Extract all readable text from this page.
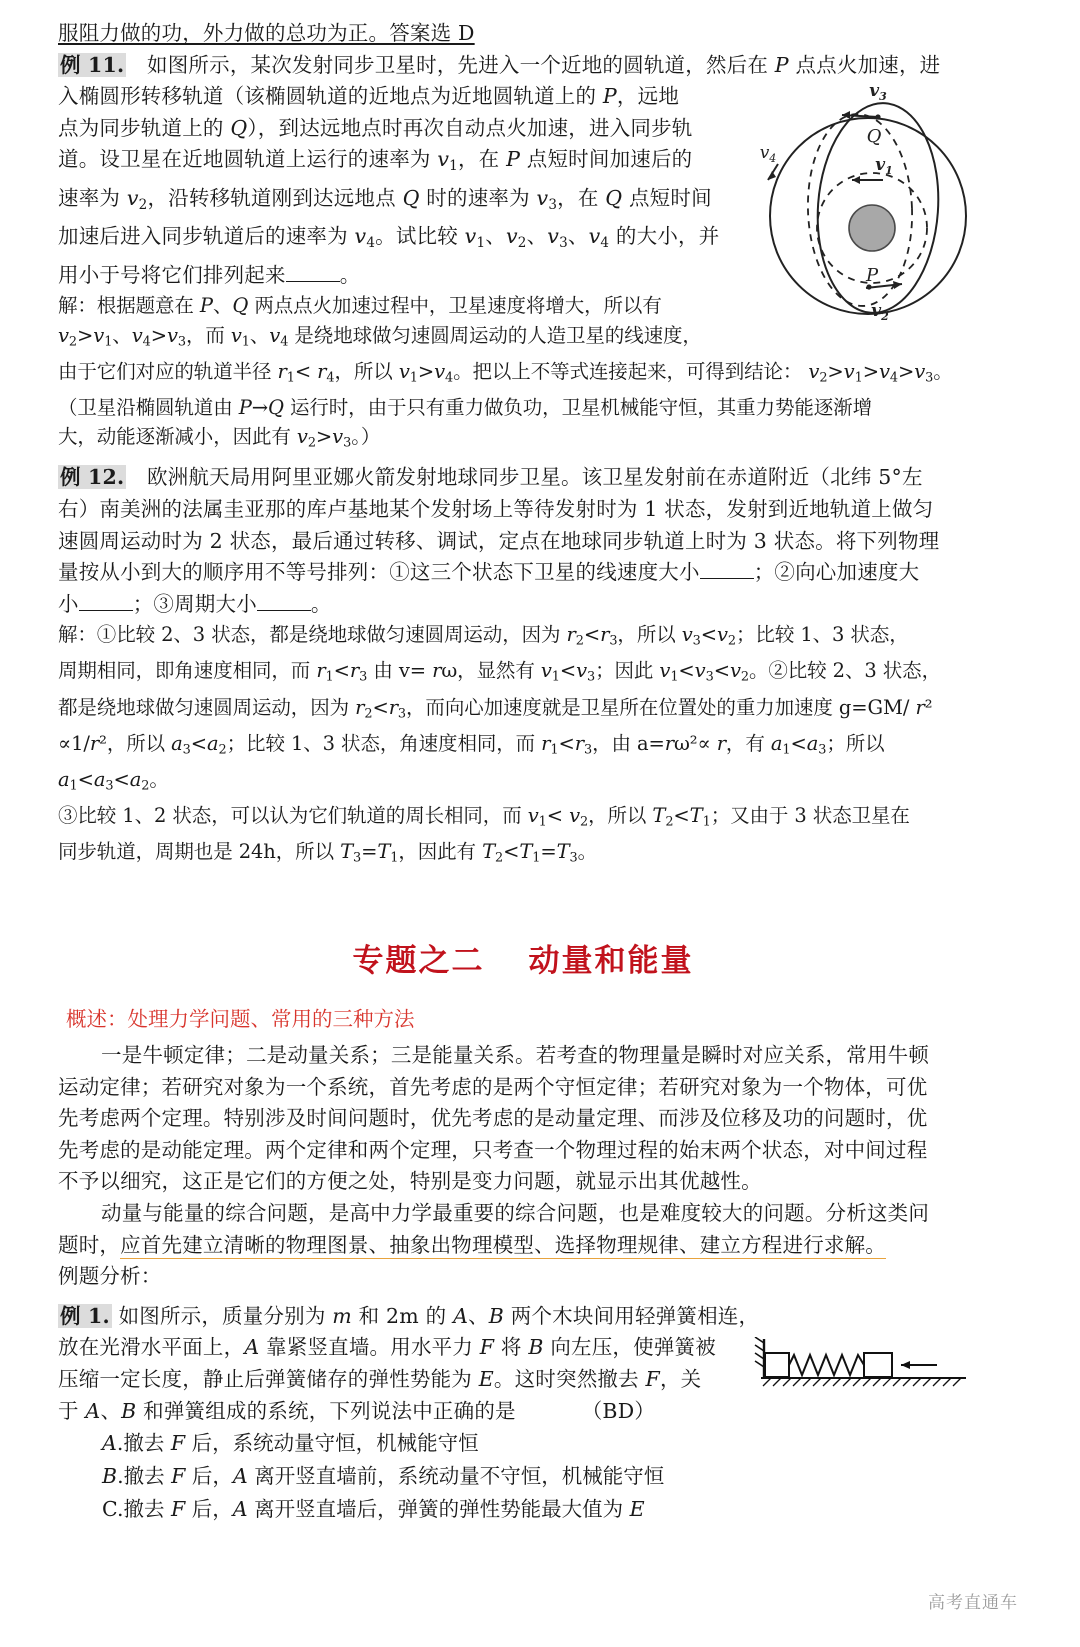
服阻力做的功，外力做的总功为正。答案选 D
$v_3$
Q
$v_1$
$v_4$
P
$v_2$
例 11. 如图所示，某次发射同步卫星时，先进入一个近地的圆轨道，然后在 P 点点火加速，进
入椭圆形转移轨道（该椭圆轨道的近地点为近地圆轨道上的 P，远地
点为同步轨道上的 Q），到达远地点时再次自动点火加速，进入同步轨
道。设卫星在近地圆轨道上运行的速率为 $v_1$，在 P 点短时间加速后的
速率为 $v_2$，沿转移轨道刚到达远地点 Q 时的速率为 $v_3$，在 Q 点短时间
加速后进入同步轨道后的速率为 $v_4$。试比较 $v_1$、$v_2$、$v_3$、$v_4$ 的大小，并
用小于号将它们排列起来	。
解：根据题意在 P、Q 两点点火加速过程中，卫星速度将增大，所以有
$v_2>v_1$、$v_4>v_3$，而 $v_1$、$v_4$ 是绕地球做匀速圆周运动的人造卫星的线速度，
由于它们对应的轨道半径 $r_1< r_4$，所以 $v_1>v_4$。把以上不等式连接起来，可得到结论： $v_2>v_1>v_4>v_3$。
（卫星沿椭圆轨道由 P→Q 运行时，由于只有重力做负功，卫星机械能守恒，其重力势能逐渐增
大，动能逐渐减小，因此有 $v_2>v_3$。）
例 12. 欧洲航天局用阿里亚娜火箭发射地球同步卫星。该卫星发射前在赤道附近（北纬 5°左
右）南美洲的法属圭亚那的库卢基地某个发射场上等待发射时为 1 状态，发射到近地轨道上做匀
速圆周运动时为 2 状态，最后通过转移、调试，定点在地球同步轨道上时为 3 状态。将下列物理
量按从小到大的顺序用不等号排列：①这三个状态下卫星的线速度大小	；②向心加速度大
小	；③周期大小	。
解：①比较 2、3 状态，都是绕地球做匀速圆周运动，因为 $r_2<r_3$，所以 $v_3<v_2$；比较 1、3 状态，
周期相同，即角速度相同，而 $r_1<r_3$ 由 v= rω，显然有 $v_1<v_3$；因此 $v_1<v_3<v_2$。②比较 2、3 状态，
都是绕地球做匀速圆周运动，因为 $r_2<r_3$，而向心加速度就是卫星所在位置处的重力加速度 g=GM/ r²
∝1/r²，所以 $a_3<a_2$；比较 1、3 状态，角速度相同，而 $r_1<r_3$，由 a=rω²∝ r，有 $a_1<a_3$；所以 $a_1<a_3<a_2$。
③比较 1、2 状态，可以认为它们轨道的周长相同，而 $v_1< v_2$，所以 $T_2<T_1$；又由于 3 状态卫星在
同步轨道，周期也是 24h，所以 $T_3=T_1$，因此有 $T_2<T_1=T_3$。
专题之二 动量和能量
概述：处理力学问题、常用的三种方法
一是牛顿定律；二是动量关系；三是能量关系。若考查的物理量是瞬时对应关系，常用牛顿
运动定律；若研究对象为一个系统，首先考虑的是两个守恒定律；若研究对象为一个物体，可优
先考虑两个定理。特别涉及时间问题时，优先考虑的是动量定理、而涉及位移及功的问题时，优
先考虑的是动能定理。两个定律和两个定理，只考查一个物理过程的始末两个状态，对中间过程
不予以细究，这正是它们的方便之处，特别是变力问题，就显示出其优越性。
动量与能量的综合问题，是高中力学最重要的综合问题，也是难度较大的问题。分析这类问
题时，应首先建立清晰的物理图景、抽象出物理模型、选择物理规律、建立方程进行求解。
例题分析：
例 1. 如图所示，质量分别为 m 和 2m 的 A、B 两个木块间用轻弹簧相连，
放在光滑水平面上，A 靠紧竖直墙。用水平力 F 将 B 向左压，使弹簧被
压缩一定长度，静止后弹簧储存的弹性势能为 E。这时突然撤去 F，关
于 A、B 和弹簧组成的系统，下列说法中正确的是	（BD）
A.撤去 F 后，系统动量守恒，机械能守恒
B.撤去 F 后，A 离开竖直墙前，系统动量不守恒，机械能守恒
C.撤去 F 后，A 离开竖直墙后，弹簧的弹性势能最大值为 E
高考直通车
